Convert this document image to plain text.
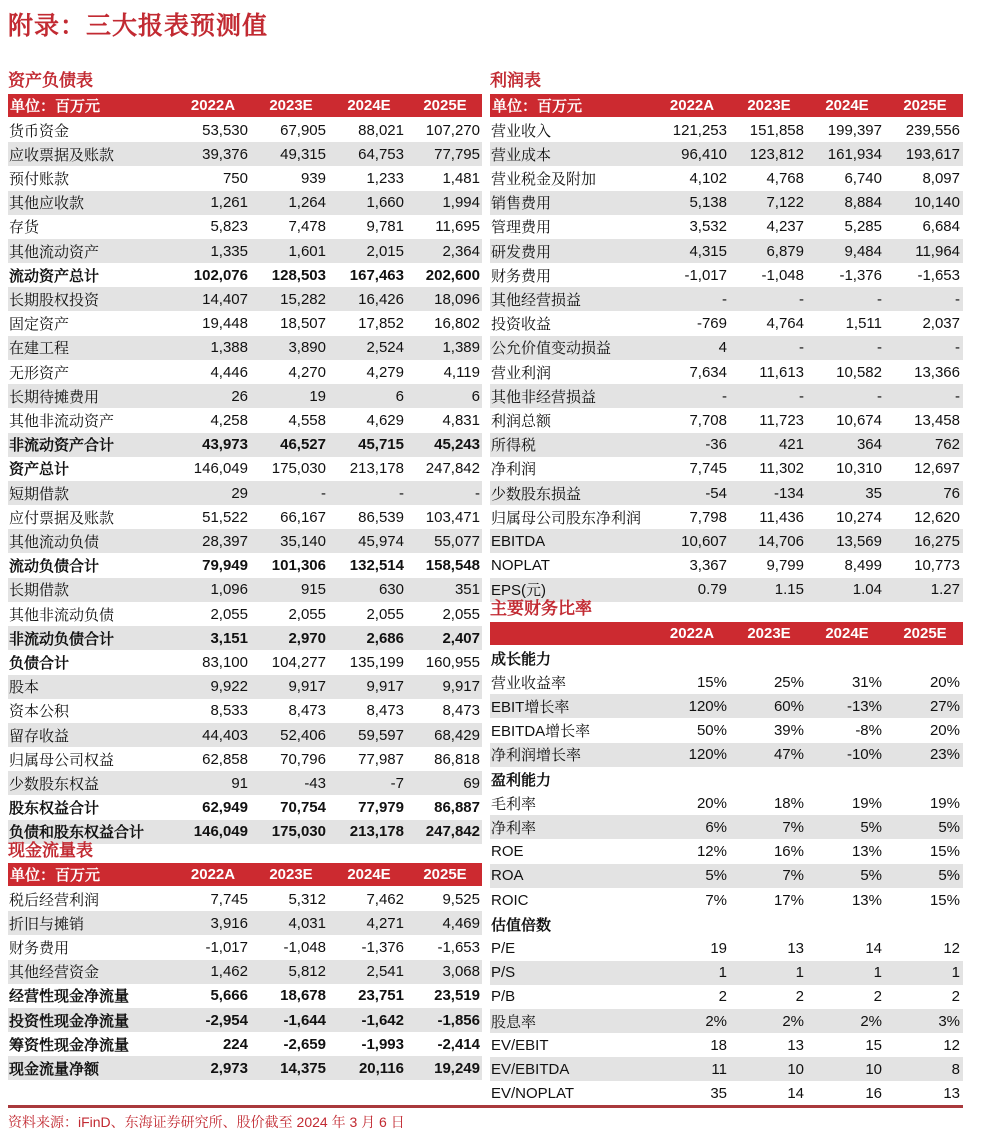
附录：三大报表预测值
资产负债表
单位：百万元	2022A	2023E	2024E	2025E
货币资金	53,530	67,905	88,021	107,270
应收票据及账款	39,376	49,315	64,753	77,795
预付账款	750	939	1,233	1,481
其他应收款	1,261	1,264	1,660	1,994
存货	5,823	7,478	9,781	11,695
其他流动资产	1,335	1,601	2,015	2,364
流动资产总计	102,076	128,503	167,463	202,600
长期股权投资	14,407	15,282	16,426	18,096
固定资产	19,448	18,507	17,852	16,802
在建工程	1,388	3,890	2,524	1,389
无形资产	4,446	4,270	4,279	4,119
长期待摊费用	26	19	6	6
其他非流动资产	4,258	4,558	4,629	4,831
非流动资产合计	43,973	46,527	45,715	45,243
资产总计	146,049	175,030	213,178	247,842
短期借款	29	-	-	-
应付票据及账款	51,522	66,167	86,539	103,471
其他流动负债	28,397	35,140	45,974	55,077
流动负债合计	79,949	101,306	132,514	158,548
长期借款	1,096	915	630	351
其他非流动负债	2,055	2,055	2,055	2,055
非流动负债合计	3,151	2,970	2,686	2,407
负债合计	83,100	104,277	135,199	160,955
股本	9,922	9,917	9,917	9,917
资本公积	8,533	8,473	8,473	8,473
留存收益	44,403	52,406	59,597	68,429
归属母公司权益	62,858	70,796	77,987	86,818
少数股东权益	91	-43	-7	69
股东权益合计	62,949	70,754	77,979	86,887
负债和股东权益合计	146,049	175,030	213,178	247,842
现金流量表
单位：百万元	2022A	2023E	2024E	2025E
税后经营利润	7,745	5,312	7,462	9,525
折旧与摊销	3,916	4,031	4,271	4,469
财务费用	-1,017	-1,048	-1,376	-1,653
其他经营资金	1,462	5,812	2,541	3,068
经营性现金净流量	5,666	18,678	23,751	23,519
投资性现金净流量	-2,954	-1,644	-1,642	-1,856
筹资性现金净流量	224	-2,659	-1,993	-2,414
现金流量净额	2,973	14,375	20,116	19,249
利润表
单位：百万元	2022A	2023E	2024E	2025E
营业收入	121,253	151,858	199,397	239,556
营业成本	96,410	123,812	161,934	193,617
营业税金及附加	4,102	4,768	6,740	8,097
销售费用	5,138	7,122	8,884	10,140
管理费用	3,532	4,237	5,285	6,684
研发费用	4,315	6,879	9,484	11,964
财务费用	-1,017	-1,048	-1,376	-1,653
其他经营损益	-	-	-	-
投资收益	-769	4,764	1,511	2,037
公允价值变动损益	4	-	-	-
营业利润	7,634	11,613	10,582	13,366
其他非经营损益	-	-	-	-
利润总额	7,708	11,723	10,674	13,458
所得税	-36	421	364	762
净利润	7,745	11,302	10,310	12,697
少数股东损益	-54	-134	35	76
归属母公司股东净利润	7,798	11,436	10,274	12,620
EBITDA	10,607	14,706	13,569	16,275
NOPLAT	3,367	9,799	8,499	10,773
EPS(元)	0.79	1.15	1.04	1.27
主要财务比率
2022A	2023E	2024E	2025E
成长能力
营业收益率	15%	25%	31%	20%
EBIT增长率	120%	60%	-13%	27%
EBITDA增长率	50%	39%	-8%	20%
净利润增长率	120%	47%	-10%	23%
盈利能力
毛利率	20%	18%	19%	19%
净利率	6%	7%	5%	5%
ROE	12%	16%	13%	15%
ROA	5%	7%	5%	5%
ROIC	7%	17%	13%	15%
估值倍数
P/E	19	13	14	12
P/S	1	1	1	1
P/B	2	2	2	2
股息率	2%	2%	2%	3%
EV/EBIT	18	13	15	12
EV/EBITDA	11	10	10	8
EV/NOPLAT	35	14	16	13
资料来源：iFinD、东海证券研究所、股价截至 2024 年 3 月 6 日
